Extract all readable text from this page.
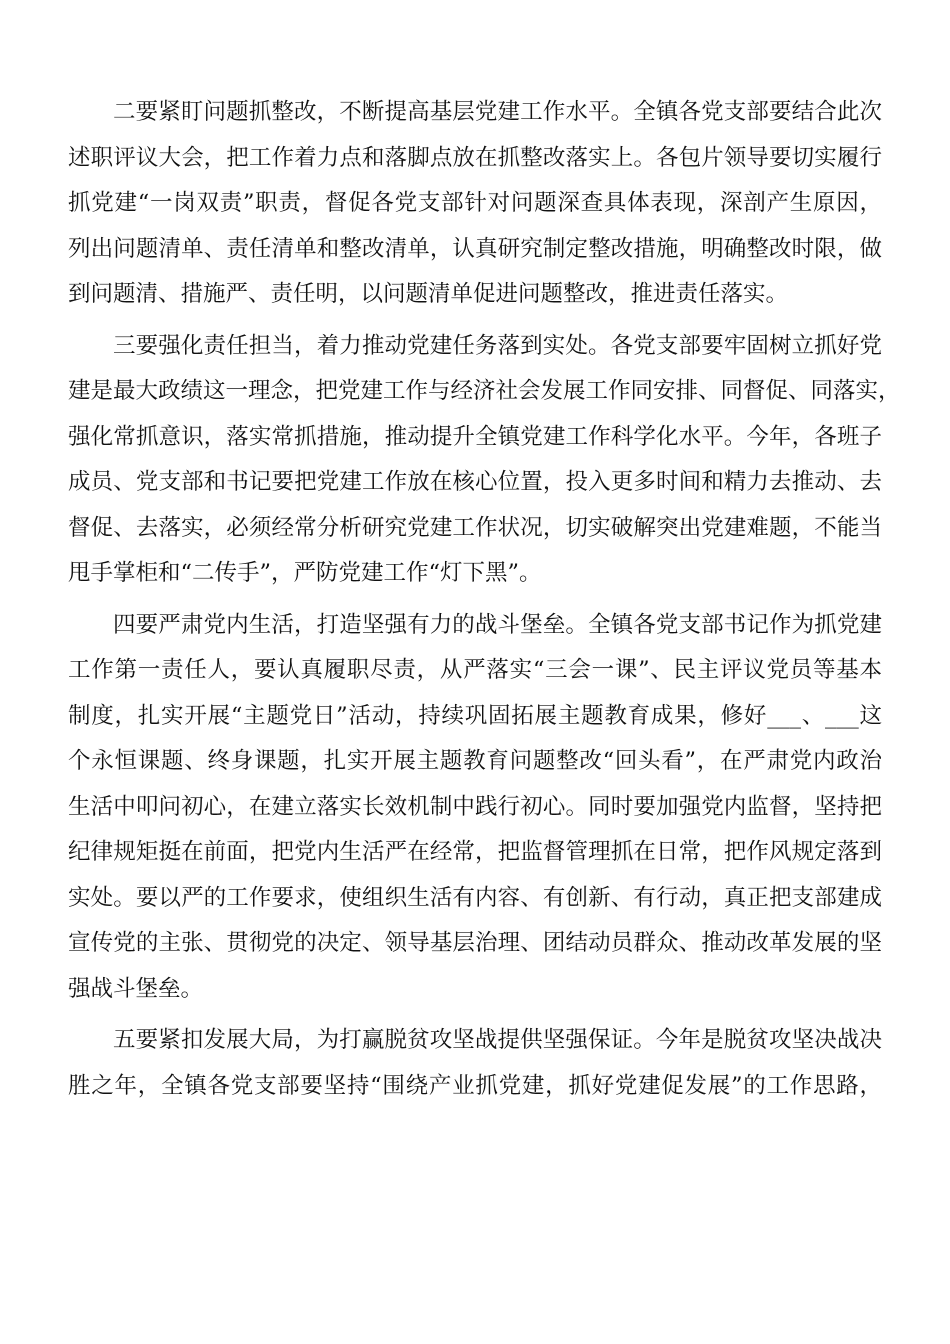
二要紧盯问题抓整改，不断提高基层党建工作水平。全镇各党支部要结合此次
述职评议大会，把工作着力点和落脚点放在抓整改落实上。各包片领导要切实履行
抓党建“一岗双责”职责，督促各党支部针对问题深查具体表现，深剖产生原因，
列出问题清单、责任清单和整改清单，认真研究制定整改措施，明确整改时限，做
到问题清、措施严、责任明，以问题清单促进问题整改，推进责任落实。
三要强化责任担当，着力推动党建任务落到实处。各党支部要牢固树立抓好党
建是最大政绩这一理念，把党建工作与经济社会发展工作同安排、同督促、同落实，
强化常抓意识，落实常抓措施，推动提升全镇党建工作科学化水平。今年，各班子
成员、党支部和书记要把党建工作放在核心位置，投入更多时间和精力去推动、去
督促、去落实，必须经常分析研究党建工作状况，切实破解突出党建难题，不能当
甩手掌柜和“二传手”，严防党建工作“灯下黑”。
四要严肃党内生活，打造坚强有力的战斗堡垒。全镇各党支部书记作为抓党建
工作第一责任人，要认真履职尽责，从严落实“三会一课”、民主评议党员等基本
制度，扎实开展“主题党日”活动，持续巩固拓展主题教育成果，修好___、___这
个永恒课题、终身课题，扎实开展主题教育问题整改“回头看”，在严肃党内政治
生活中叩问初心，在建立落实长效机制中践行初心。同时要加强党内监督，坚持把
纪律规矩挺在前面，把党内生活严在经常，把监督管理抓在日常，把作风规定落到
实处。要以严的工作要求，使组织生活有内容、有创新、有行动，真正把支部建成
宣传党的主张、贯彻党的决定、领导基层治理、团结动员群众、推动改革发展的坚
强战斗堡垒。
五要紧扣发展大局，为打赢脱贫攻坚战提供坚强保证。今年是脱贫攻坚决战决
胜之年，全镇各党支部要坚持“围绕产业抓党建，抓好党建促发展”的工作思路，
